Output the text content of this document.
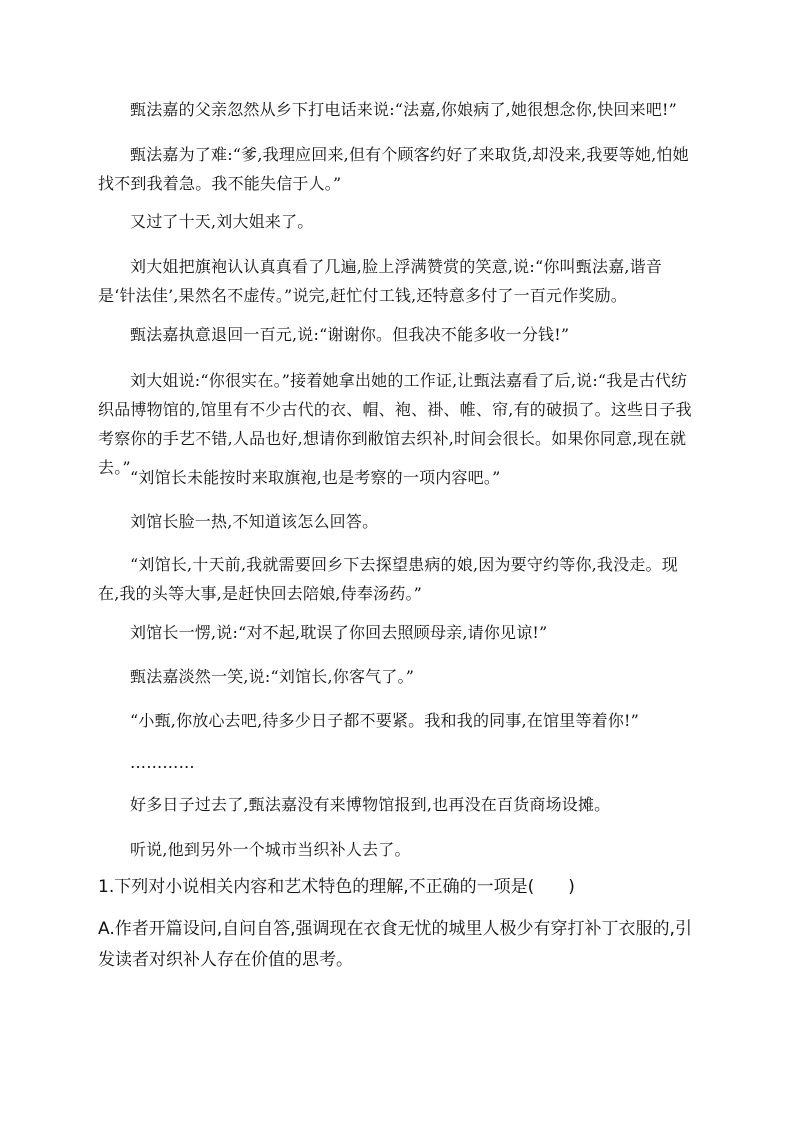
甄法嘉的父亲忽然从乡下打电话来说:“法嘉,你娘病了,她很想念你,快回来吧!”

甄法嘉为了难:“爹,我理应回来,但有个顾客约好了来取货,却没来,我要等她,怕她找不到我着急。我不能失信于人。”

又过了十天,刘大姐来了。

刘大姐把旗袍认认真真看了几遍,脸上浮满赞赏的笑意,说:“你叫甄法嘉,谐音是‘针法佳’,果然名不虚传。”说完,赶忙付工钱,还特意多付了一百元作奖励。

甄法嘉执意退回一百元,说:“谢谢你。但我决不能多收一分钱!”

刘大姐说:“你很实在。”接着她拿出她的工作证,让甄法嘉看了后,说:“我是古代纺织品博物馆的,馆里有不少古代的衣、帽、袍、褂、帷、帘,有的破损了。这些日子我考察你的手艺不错,人品也好,想请你到敝馆去织补,时间会很长。如果你同意,现在就去。”

“刘馆长未能按时来取旗袍,也是考察的一项内容吧。”

刘馆长脸一热,不知道该怎么回答。

“刘馆长,十天前,我就需要回乡下去探望患病的娘,因为要守约等你,我没走。现在,我的头等大事,是赶快回去陪娘,侍奉汤药。”

刘馆长一愣,说:“对不起,耽误了你回去照顾母亲,请你见谅!”

甄法嘉淡然一笑,说:“刘馆长,你客气了。”

“小甄,你放心去吧,待多少日子都不要紧。我和我的同事,在馆里等着你!”

…………

好多日子过去了,甄法嘉没有来博物馆报到,也再没在百货商场设摊。

听说,他到另外一个城市当织补人去了。

1.下列对小说相关内容和艺术特色的理解,不正确的一项是(　　)

A.作者开篇设问,自问自答,强调现在衣食无忧的城里人极少有穿打补丁衣服的,引发读者对织补人存在价值的思考。
